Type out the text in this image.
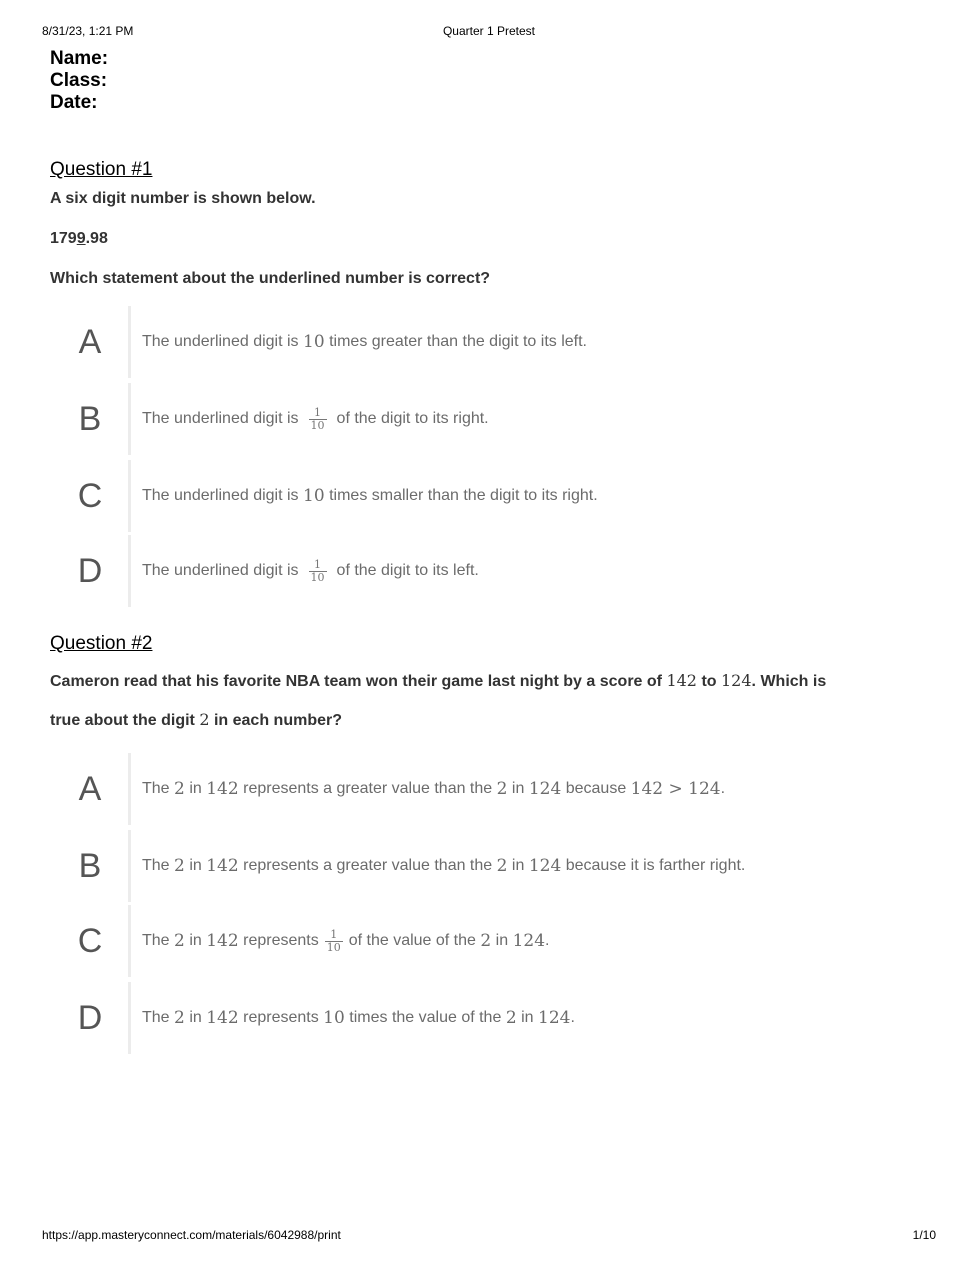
8/31/23, 1:21 PM	Quarter 1 Pretest
Name:
Class:
Date:
Question #1
A six digit number is shown below.
1799.98
Which statement about the underlined number is correct?
A	The underlined digit is
10
times greater than the digit to its left.
B	The underlined digit is $\frac{1}{10}$ of the digit to its right.
C	The underlined digit is
10
times smaller than the digit to its right.
D	The underlined digit is $\frac{1}{10}$ of the digit to its left.
Question #2
Cameron read that his favorite NBA team won their game last night by a score of 142 to 124. Which is
true about the digit 2 in each number?
A	The
2
in
142
represents a greater value than the
2
in
124
because
142 > 124 .
B	The
2
in
142
represents a greater value than the
2
in
124
because it is farther right.
C	The
2
in
142
represents $\frac{1}{10}$ of the value of the
2
in
124 .
D	The
2
in
142
represents
10
times the value of the
2
in
124 .
https://app.masteryconnect.com/materials/6042988/print	1/10
